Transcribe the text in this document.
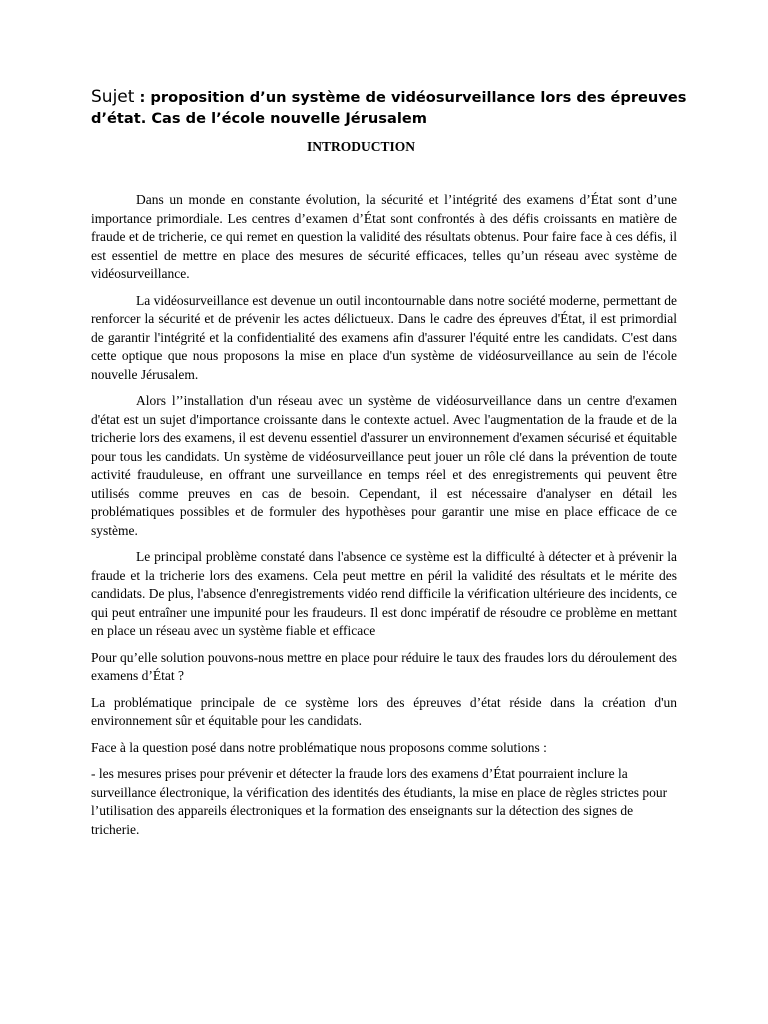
Sujet : proposition d’un système de vidéosurveillance lors des épreuves d’état. Cas de l’école nouvelle Jérusalem
INTRODUCTION

Dans un monde en constante évolution, la sécurité et l’intégrité des examens d’État sont d’une importance primordiale. Les centres d’examen d’État sont confrontés à des défis croissants en matière de fraude et de tricherie, ce qui remet en question la validité des résultats obtenus. Pour faire face à ces défis, il est essentiel de mettre en place des mesures de sécurité efficaces, telles qu’un réseau avec système de vidéosurveillance.

La vidéosurveillance est devenue un outil incontournable dans notre société moderne, permettant de renforcer la sécurité et de prévenir les actes délictueux. Dans le cadre des épreuves d'État, il est primordial de garantir l'intégrité et la confidentialité des examens afin d'assurer l'équité entre les candidats. C'est dans cette optique que nous proposons la mise en place d'un système de vidéosurveillance au sein de l'école nouvelle Jérusalem.

Alors l’’installation d'un réseau avec un système de vidéosurveillance dans un centre d'examen d'état est un sujet d'importance croissante dans le contexte actuel. Avec l'augmentation de la fraude et de la tricherie lors des examens, il est devenu essentiel d'assurer un environnement d'examen sécurisé et équitable pour tous les candidats. Un système de vidéosurveillance peut jouer un rôle clé dans la prévention de toute activité frauduleuse, en offrant une surveillance en temps réel et des enregistrements qui peuvent être utilisés comme preuves en cas de besoin. Cependant, il est nécessaire d'analyser en détail les problématiques possibles et de formuler des hypothèses pour garantir une mise en place efficace de ce système.

Le principal problème constaté dans l'absence ce système est la difficulté à détecter et à prévenir la fraude et la tricherie lors des examens. Cela peut mettre en péril la validité des résultats et le mérite des candidats. De plus, l'absence d'enregistrements vidéo rend difficile la vérification ultérieure des incidents, ce qui peut entraîner une impunité pour les fraudeurs. Il est donc impératif de résoudre ce problème en mettant en place un réseau avec un système fiable et efficace

Pour qu’elle solution pouvons-nous mettre en place pour réduire le taux des fraudes lors du déroulement des examens d’État ?

La problématique principale de ce système lors des épreuves d’état réside dans la création d'un environnement sûr et équitable pour les candidats.

Face à la question posé dans notre problématique nous proposons comme solutions :

- les mesures prises pour prévenir et détecter la fraude lors des examens d’État pourraient inclure la surveillance électronique, la vérification des identités des étudiants, la mise en place de règles strictes pour l’utilisation des appareils électroniques et la formation des enseignants sur la détection des signes de tricherie.
